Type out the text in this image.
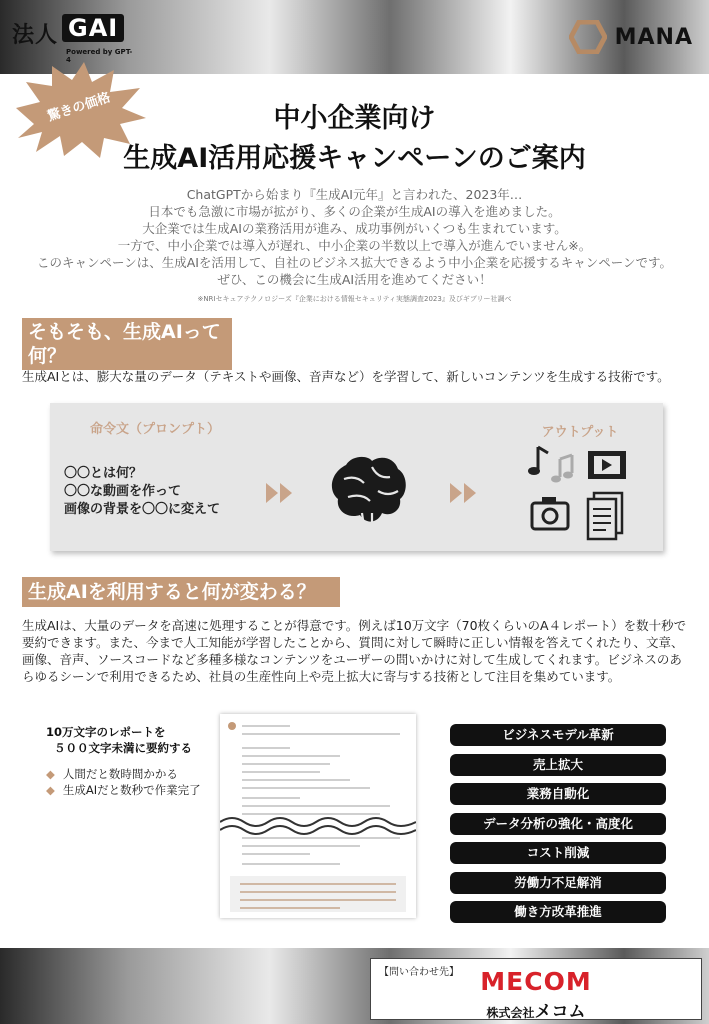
法人 GAI
Powered by GPT-4
MANA
驚きの価格	中小企業向け
生成AI活用応援キャンペーンのご案内
ChatGPTから始まり『生成AI元年』と言われた、2023年…
日本でも急激に市場が拡がり、多くの企業が生成AIの導入を進めました。
大企業では生成AIの業務活用が進み、成功事例がいくつも生まれています。
一方で、中小企業では導入が遅れ、中小企業の半数以上で導入が進んでいません※。
このキャンペーンは、生成AIを活用して、自社のビジネス拡大できるよう中小企業を応援するキャンペーンです。
ぜひ、この機会に生成AI活用を進めてください！
※NRIセキュアテクノロジーズ『企業における情報セキュリティ実態調査2023』及びギブリー社調べ
そもそも、生成AIって何？
生成AIとは、膨大な量のデータ（テキストや画像、音声など）を学習して、新しいコンテンツを生成する技術です。
命令文（プロンプト）	アウトプット
〇〇とは何？
〇〇な動画を作って
画像の背景を〇〇に変えて
生成AIを利用すると何が変わる？
生成AIは、大量のデータを高速に処理することが得意です。例えば10万文字（70枚くらいのA４レポート）を数十秒で要約できます。また、今まで人工知能が学習したことから、質問に対して瞬時に正しい情報を答えてくれたり、文章、画像、音声、ソースコードなど多種多様なコンテンツをユーザーの問いかけに対して生成してくれます。ビジネスのあらゆるシーンで利用できるため、社員の生産性向上や売上拡大に寄与する技術として注目を集めています。
10万文字のレポートを
５００文字未満に要約する
◆ 人間だと数時間かかる
◆ 生成AIだと数秒で作業完了
ビジネスモデル革新
売上拡大
業務自動化
データ分析の強化・高度化
コスト削減
労働力不足解消
働き方改革推進
【問い合わせ先】 MECOM
株式会社メコム
